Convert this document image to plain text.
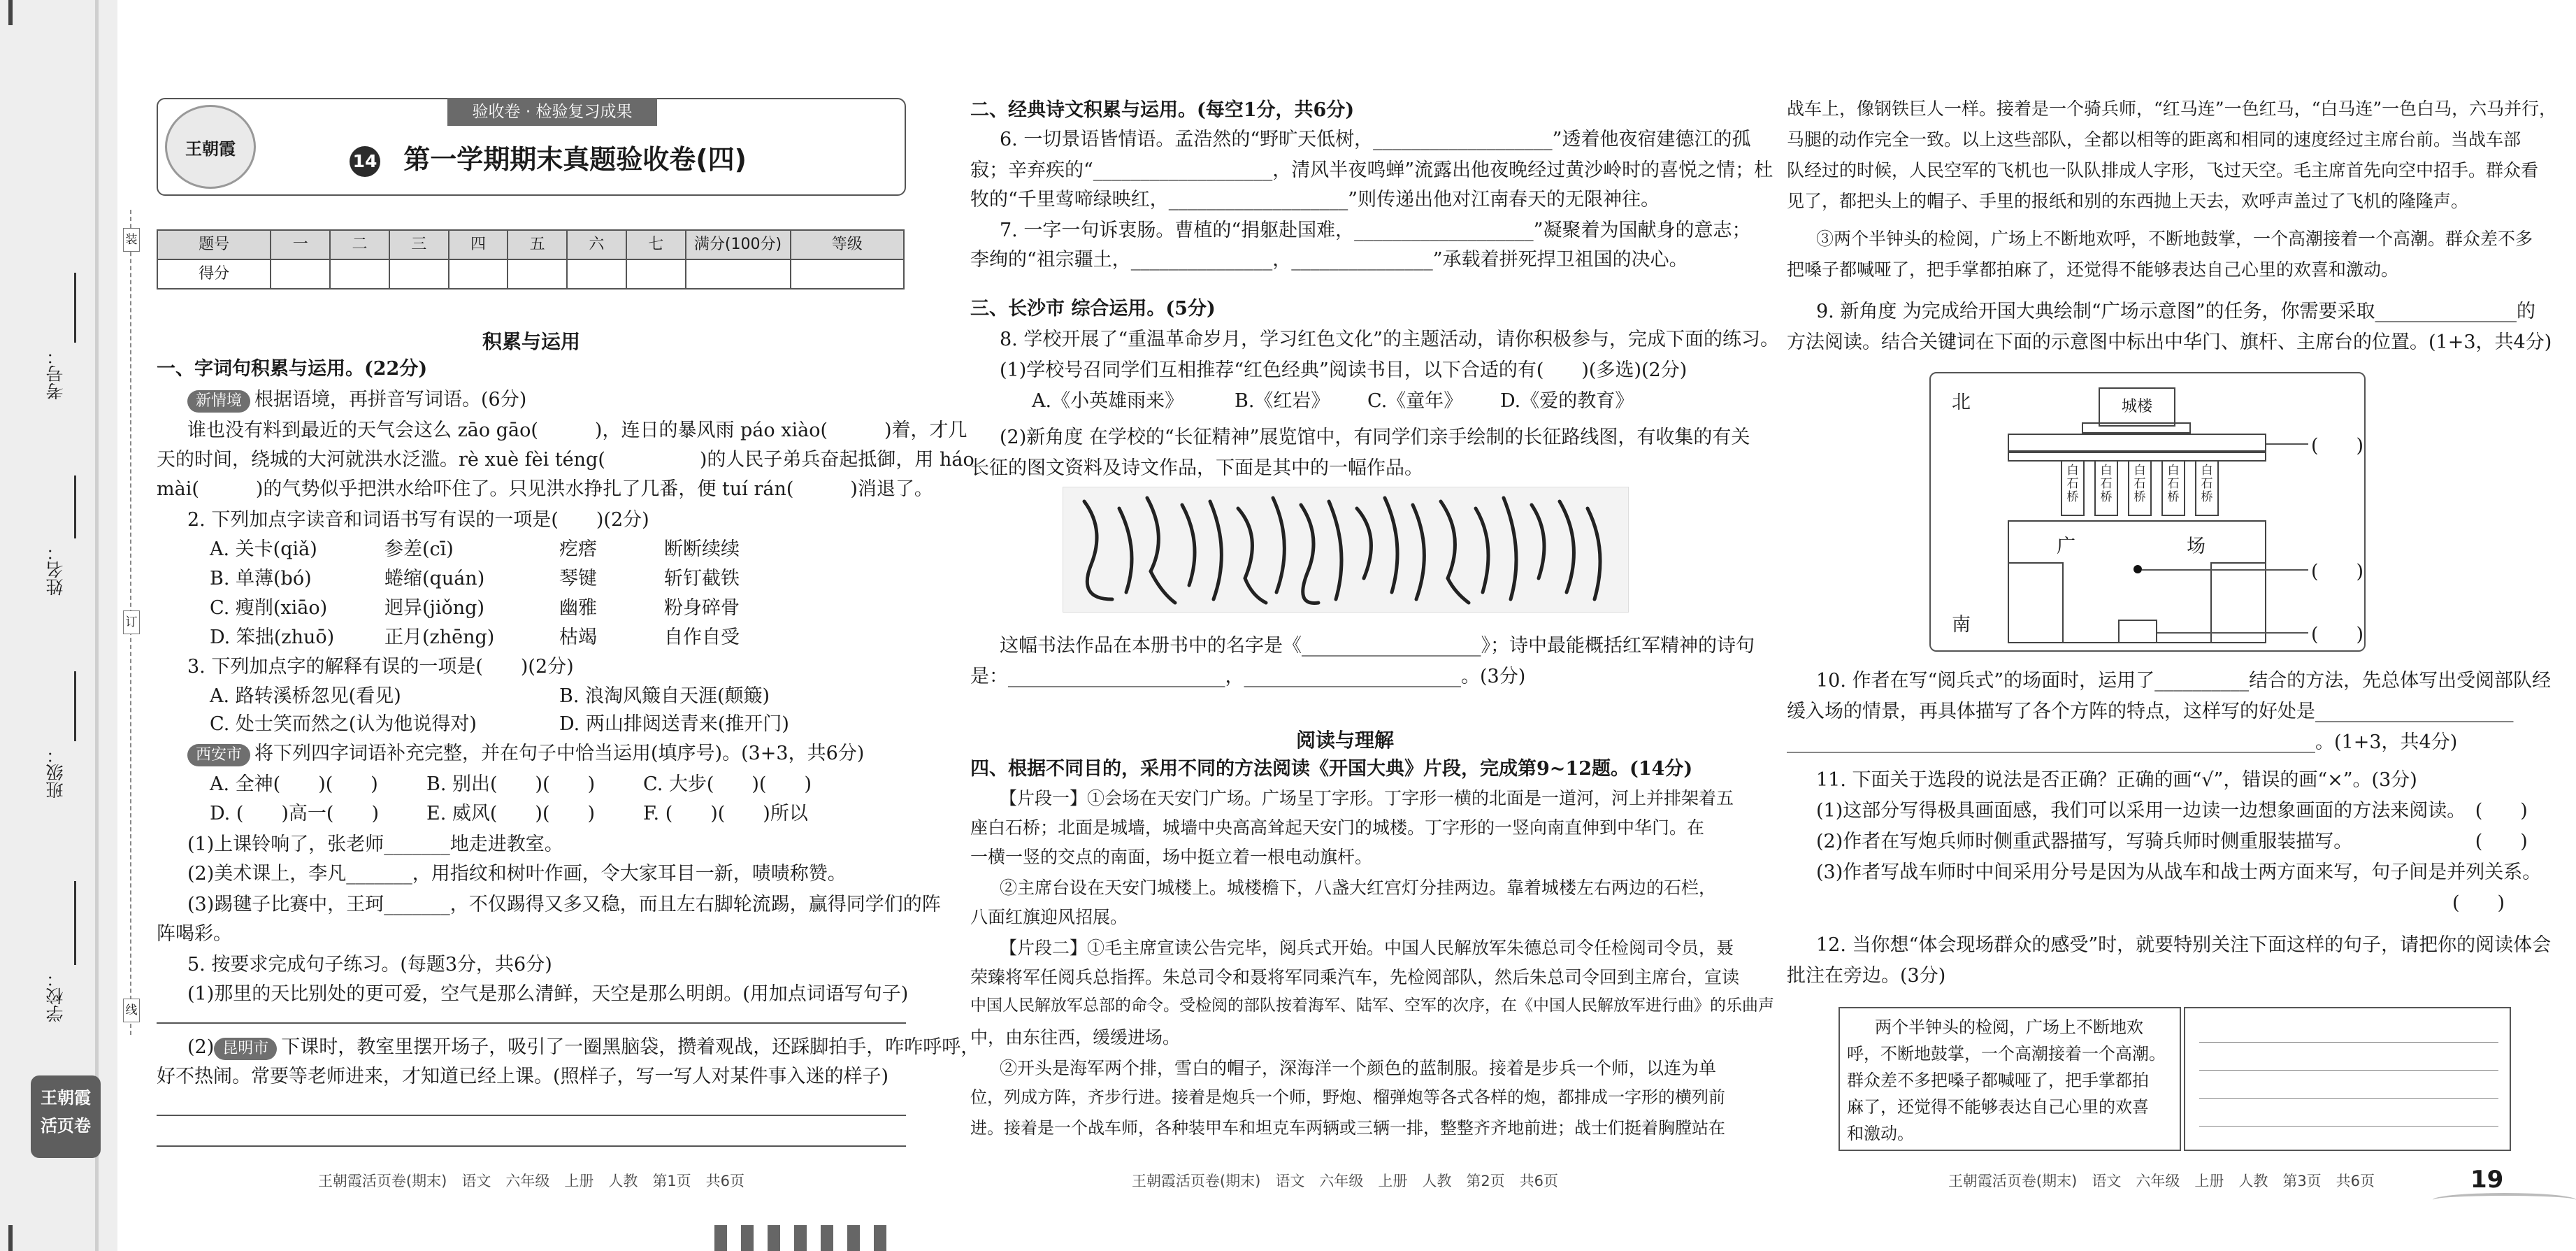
考号：
姓名：
班级：
学校：
装
订
线
王朝霞
活页卷
王朝霞
验收卷 · 检验复习成果
14 第一学期期末真题验收卷(四)
题号	一	二	三	四	五	六	七	满分(100分)	等级
得分									
积累与运用
一、字词句积累与运用。(22分)
新情境 根据语境，再拼音写词语。(6分)
谁也没有料到最近的天气会这么 zāo gāo(　　　)，连日的暴风雨 páo xiào(　　　)着，才几
天的时间，绕城的大河就洪水泛滥。rè xuè fèi téng(　　　　　)的人民子弟兵奋起抵御，用 háo
mài(　　　)的气势似乎把洪水给吓住了。只见洪水挣扎了几番，便 tuí rán(　　　)消退了。
2. 下列加点字读音和词语书写有误的一项是(　　)(2分)
A. 关卡(qiǎ)	参差(cī)	疙瘩	断断续续
B. 单薄(bó)	蜷缩(quán)	琴键	斩钉截铁
C. 瘦削(xiāo)	迥异(jiǒng)	幽雅	粉身碎骨
D. 笨拙(zhuō)	正月(zhēng)	枯竭	自作自受
3. 下列加点字的解释有误的一项是(　　)(2分)
A. 路转溪桥忽见(看见)	B. 浪淘风簸自天涯(颠簸)
C. 处士笑而然之(认为他说得对)	D. 两山排闼送青来(推开门)
西安市 将下列四字词语补充完整，并在句子中恰当运用(填序号)。(3+3，共6分)
A. 全神(　　)(　　)	B. 别出(　　)(　　)	C. 大步(　　)(　　)
D. (　　)高一(　　)	E. 威风(　　)(　　)	F. (　　)(　　)所以
(1)上课铃响了，张老师_______地走进教室。
(2)美术课上，李凡_______，用指纹和树叶作画，令大家耳目一新，啧啧称赞。
(3)踢毽子比赛中，王珂_______，不仅踢得又多又稳，而且左右脚轮流踢，赢得同学们的阵
阵喝彩。
5. 按要求完成句子练习。(每题3分，共6分)
(1)那里的天比别处的更可爱，空气是那么清鲜，天空是那么明朗。(用加点词语写句子)
(2) 昆明市 下课时，教室里摆开场子，吸引了一圈黑脑袋，攒着观战，还踩脚拍手，咋咋呼呼，
好不热闹。常要等老师进来，才知道已经上课。(照样子，写一写人对某件事入迷的样子)
王朝霞活页卷(期末)　语文　六年级　上册　人教　第1页　共6页
二、经典诗文积累与运用。(每空1分，共6分)
6. 一切景语皆情语。孟浩然的“野旷天低树，___________________”透着他夜宿建德江的孤
寂；辛弃疾的“___________________，清风半夜鸣蝉”流露出他夜晚经过黄沙岭时的喜悦之情；杜
牧的“千里莺啼绿映红，___________________”则传递出他对江南春天的无限神往。
7. 一字一句诉衷肠。曹植的“捐躯赴国难，___________________”凝聚着为国献身的意志；
李绚的“祖宗疆土，_______________，_______________”承载着拼死捍卫祖国的决心。
三、长沙市 综合运用。(5分)
8. 学校开展了“重温革命岁月，学习红色文化”的主题活动，请你积极参与，完成下面的练习。
(1)学校号召同学们互相推荐“红色经典”阅读书目，以下合适的有(　　)(多选)(2分)
A.《小英雄雨来》	B.《红岩》 C.《童年》 D.《爱的教育》
(2)新角度 在学校的“长征精神”展览馆中，有同学们亲手绘制的长征路线图，有收集的有关
长征的图文资料及诗文作品，下面是其中的一幅作品。
这幅书法作品在本册书中的名字是《___________________》；诗中最能概括红军精神的诗句
是：_______________________，_______________________。(3分)
阅读与理解
四、根据不同目的，采用不同的方法阅读《开国大典》片段，完成第9~12题。(14分)
【片段一】①会场在天安门广场。广场呈丁字形。丁字形一横的北面是一道河，河上并排架着五
座白石桥；北面是城墙，城墙中央高高耸起天安门的城楼。丁字形的一竖向南直伸到中华门。在
一横一竖的交点的南面，场中挺立着一根电动旗杆。
②主席台设在天安门城楼上。城楼檐下，八盏大红宫灯分挂两边。靠着城楼左右两边的石栏，
八面红旗迎风招展。
【片段二】①毛主席宣读公告完毕，阅兵式开始。中国人民解放军朱德总司令任检阅司令员，聂
荣臻将军任阅兵总指挥。朱总司令和聂将军同乘汽车，先检阅部队，然后朱总司令回到主席台，宣读
中国人民解放军总部的命令。受检阅的部队按着海军、陆军、空军的次序，在《中国人民解放军进行曲》的乐曲声
中，由东往西，缓缓进场。
②开头是海军两个排，雪白的帽子，深海洋一个颜色的蓝制服。接着是步兵一个师，以连为单
位，列成方阵，齐步行进。接着是炮兵一个师，野炮、榴弹炮等各式各样的炮，都排成一字形的横列前
进。接着是一个战车师，各种装甲车和坦克车两辆或三辆一排，整整齐齐地前进；战士们挺着胸膛站在
王朝霞活页卷(期末)　语文　六年级　上册　人教　第2页　共6页
战车上，像钢铁巨人一样。接着是一个骑兵师，“红马连”一色红马，“白马连”一色白马，六马并行，
马腿的动作完全一致。以上这些部队，全都以相等的距离和相同的速度经过主席台前。当战车部
队经过的时候，人民空军的飞机也一队队排成人字形，飞过天空。毛主席首先向空中招手。群众看
见了，都把头上的帽子、手里的报纸和别的东西抛上天去，欢呼声盖过了飞机的隆隆声。
③两个半钟头的检阅，广场上不断地欢呼，不断地鼓掌，一个高潮接着一个高潮。群众差不多
把嗓子都喊哑了，把手掌都拍麻了，还觉得不能够表达自己心里的欢喜和激动。
9. 新角度 为完成给开国大典绘制“广场示意图”的任务，你需要采取_______________的
方法阅读。结合关键词在下面的示意图中标出中华门、旗杆、主席台的位置。(1+3，共4分)
北
南
城楼
(　　)
白石桥
白石桥
白石桥
白石桥
白石桥
广	场
(　　)
(　　)
10. 作者在写“阅兵式”的场面时，运用了__________结合的方法，先总体写出受阅部队经
缓入场的情景，再具体描写了各个方阵的特点，这样写的好处是_____________________
________________________________________________________。(1+3，共4分)
11. 下面关于选段的说法是否正确？正确的画“√”，错误的画“×”。(3分)
(1)这部分写得极具画面感，我们可以采用一边读一边想象画面的方法来阅读。　(　　)
(2)作者在写炮兵师时侧重武器描写，写骑兵师时侧重服装描写。　　　　　　　(　　)
(3)作者写战车师时中间采用分号是因为从战车和战士两方面来写，句子间是并列关系。
(　　)
12. 当你想“体会现场群众的感受”时，就要特别关注下面这样的句子，请把你的阅读体会
批注在旁边。(3分)
两个半钟头的检阅，广场上不断地欢
呼，不断地鼓掌，一个高潮接着一个高潮。
群众差不多把嗓子都喊哑了，把手掌都拍
麻了，还觉得不能够表达自己心里的欢喜
和激动。
王朝霞活页卷(期末)　语文　六年级　上册　人教　第3页　共6页	19
